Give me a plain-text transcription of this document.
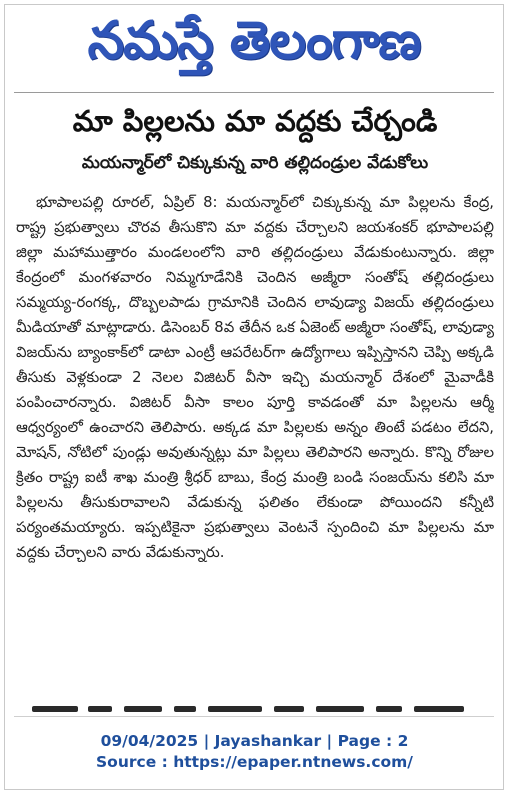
నమస్తే తెలంగాణ
మా పిల్లలను మా వద్దకు చేర్చండి
మయన్మార్‌లో చిక్కుకున్న వారి తల్లిదండ్రుల వేడుకోలు

భూపాలపల్లి రూరల్, ఏప్రిల్ 8: మయన్మార్‌లో చిక్కుకున్న మా పిల్లలను కేంద్ర, రాష్ట్ర ప్రభుత్వాలు చొరవ తీసుకొని మా వద్దకు చేర్చాలని జయశంకర్ భూపాలపల్లి జిల్లా మహాముత్తారం మండలంలోని వారి తల్లిదండ్రులు వేడుకుంటున్నారు. జిల్లా కేంద్రంలో మంగళవారం నిమ్మగూడేనికి చెందిన అజ్మీరా సంతోష్ తల్లిదండ్రులు సమ్మయ్య-రంగక్క, దొబ్బలపాడు గ్రామానికి చెందిన లావుడ్యా విజయ్ తల్లిదండ్రులు మీడియాతో మాట్లాడారు. డిసెంబర్ 8వ తేదీన ఒక ఏజెంట్ అజ్మీరా సంతోష్, లావుడ్యా విజయ్‌ను బ్యాంకాక్‌లో డాటా ఎంట్రీ ఆపరేటర్‌గా ఉద్యోగాలు ఇప్పిస్తానని చెప్పి అక్కడి తీసుకు వెళ్లకుండా 2 నెలల విజిటర్ వీసా ఇచ్చి మయన్మార్ దేశంలో మైవాడీకి పంపించారన్నారు. విజిటర్ వీసా కాలం పూర్తి కావడంతో మా పిల్లలను ఆర్మీ ఆధ్వర్యంలో ఉంచారని తెలిపారు. అక్కడ మా పిల్లలకు అన్నం తింటే పడటం లేదని, మోషన్, నోటిలో పుండ్లు అవుతున్నట్లు మా పిల్లలు తెలిపారని అన్నారు. కొన్ని రోజుల క్రితం రాష్ట్ర ఐటీ శాఖ మంత్రి శ్రీధర్ బాబు, కేంద్ర మంత్రి బండి సంజయ్‌ను కలిసి మా పిల్లలను తీసుకురావాలని వేడుకున్న ఫలితం లేకుండా పోయిందని కన్నీటి పర్యంతమయ్యారు. ఇప్పటికైనా ప్రభుత్వాలు వెంటనే స్పందించి మా పిల్లలను మా వద్దకు చేర్చాలని వారు వేడుకున్నారు.

09/04/2025 | Jayashankar | Page : 2
Source : https://epaper.ntnews.com/
